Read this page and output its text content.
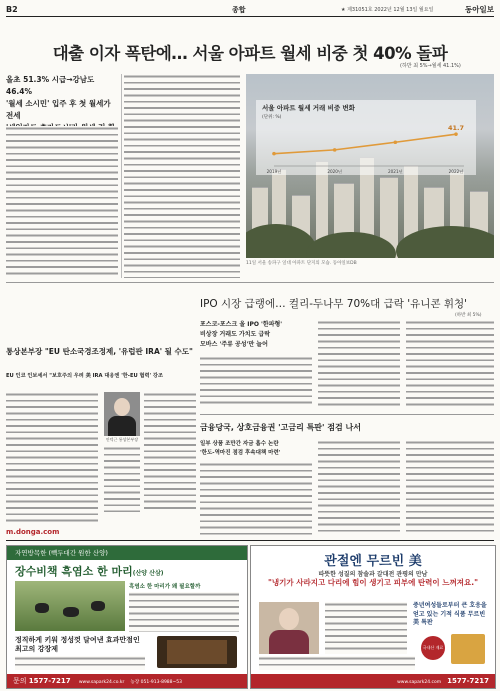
B2	종합	★ 제31051호 2022년 12월 13일 월요일	동아일보
대출 이자 폭탄에… 서울 아파트 월세 비중 첫 40% 돌파
(하반 최 5%→월세 41.1%)
올초 51.3% 시급→강남도 46.4%
'월세 소시민' 입주 후 첫 월세가 전세
서울 아파트 월세 거래 비중 변화
(단위: %)
2019년	2020년	2021년	2022년
41.7
11일 서울 송파구 일대 아파트 단지의 모습. 동아일보DB
IPO 시장 급랭에… 컬리-두나무 70%대 급락 '유니콘 휘청'
(하반 최 5%)
포스코-포스크 올 IPO '한파형'
비상장 거래도 가치도 급락
모바스 '주류 공성'만 늘어
통상본부장 "EU 탄소국경조정제, '유럽판 IRA' 될 수도"
EU 인코 인보세서 "보호주의 우려 美 IRA 대응엔 '한-EU 협력' 강조
안덕근 통상본부장
m.donga.com
금융당국, 상호금융권 '고금리 특판' 점검 나서
일부 상품 조만간 자금 흡수 논란
'한도-역마진 점검 후속대책 마련'
자연방목한 (빽두대간 원한 산양)
장수비책 흑염소 한 마리(산양 산삼)
흑염소 한 마리가 왜 필요할까
정직하게 키워 정성껏 달여낸 효과만점인 최고의 강장제
문의 1577-7217 www.sapark24.co.kr 농장 051-913-8988~53
관절엔 무르빈 美
따뜻한 성질의 참솔과 갈대전 관평의 만남
"냉기가 사라지고 다리에 힘이 생기고 피부에 탄력이 느껴져요."
중년여성들로부터 큰 호응을 얻고 있는 기적 식품 무르빈 美 특판
국내산 재료
www.sapark24.com 1577-7217
